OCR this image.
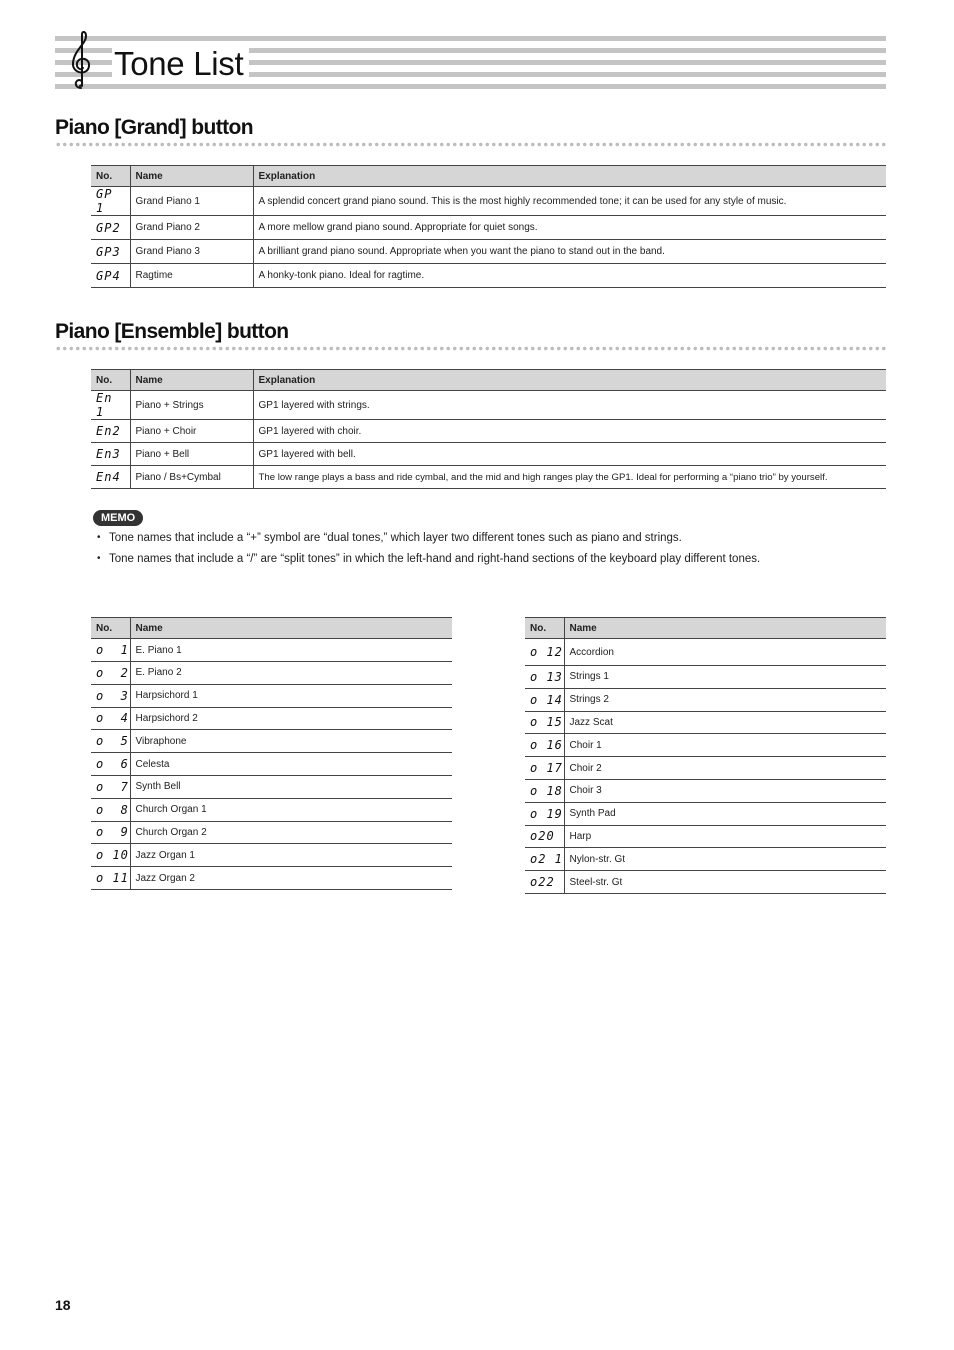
Tone List
Piano [Grand] button
No.	Name	Explanation
GP 1	Grand Piano 1	A splendid concert grand piano sound. This is the most highly recommended tone; it can be used for any style of music.
GP2	Grand Piano 2	A more mellow grand piano sound. Appropriate for quiet songs.
GP3	Grand Piano 3	A brilliant grand piano sound. Appropriate when you want the piano to stand out in the band.
GP4	Ragtime	A honky-tonk piano. Ideal for ragtime.
Piano [Ensemble] button
No.	Name	Explanation
En 1	Piano + Strings	GP1 layered with strings.
En2	Piano + Choir	GP1 layered with choir.
En3	Piano + Bell	GP1 layered with bell.
En4	Piano / Bs+Cymbal	The low range plays a bass and ride cymbal, and the mid and high ranges play the GP1. Ideal for performing a “piano trio” by yourself.
MEMO
• Tone names that include a “+” symbol are “dual tones,” which layer two different tones such as piano and strings.
• Tone names that include a “/” are “split tones” in which the left-hand and right-hand sections of the keyboard play different tones.
No.	Name
o  1	E. Piano 1
o  2	E. Piano 2
o  3	Harpsichord 1
o  4	Harpsichord 2
o  5	Vibraphone
o  6	Celesta
o  7	Synth Bell
o  8	Church Organ 1
o  9	Church Organ 2
o 10	Jazz Organ 1
o 11	Jazz Organ 2
No.	Name
o 12	Accordion
o 13	Strings 1
o 14	Strings 2
o 15	Jazz Scat
o 16	Choir 1
o 17	Choir 2
o 18	Choir 3
o 19	Synth Pad
o20	Harp
o2 1	Nylon-str. Gt
o22	Steel-str. Gt
18
